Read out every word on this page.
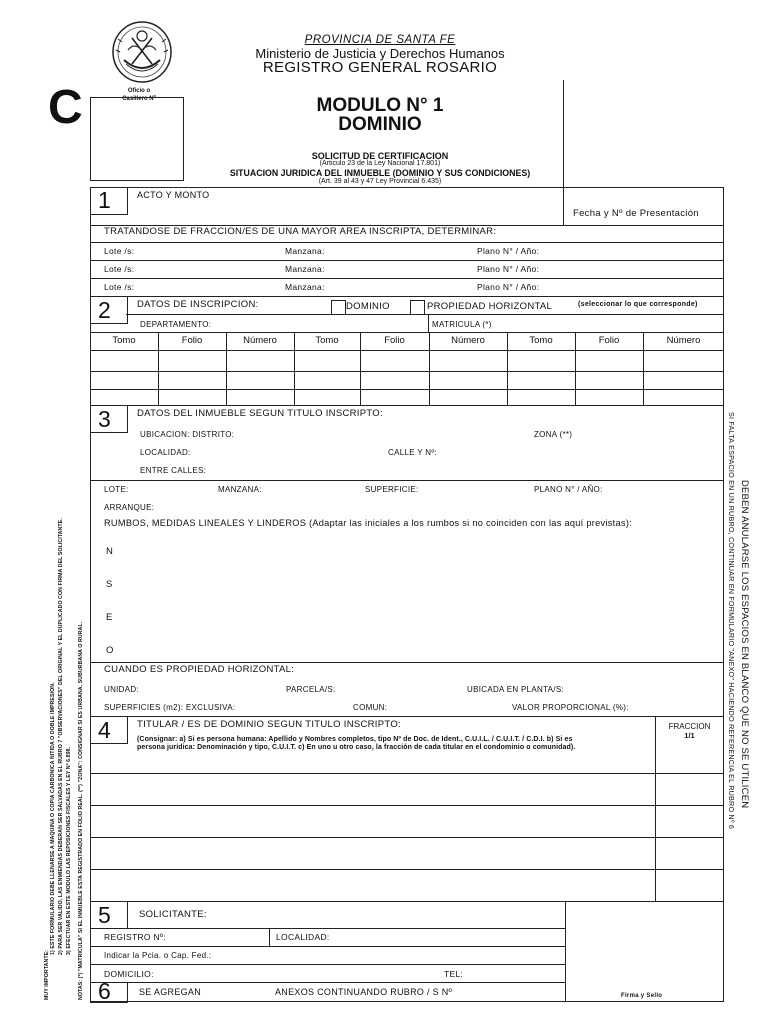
PROVINCIA DE SANTA FE
Ministerio de Justicia y Derechos Humanos
REGISTRO GENERAL ROSARIO
C	Oficio o
Casillero Nº	MODULO N° 1
DOMINIO
SOLICITUD DE CERTIFICACION
(Articulo 23 de la Ley Nacional 17.801)
SITUACION JURIDICA DEL INMUEBLE (DOMINIO Y SUS CONDICIONES)
(Art. 39 al 43 y 47 Ley Provincial 6.435)
1	ACTO Y MONTO
Fecha y Nº de Presentación
TRATANDOSE DE FRACCION/ES DE UNA MAYOR AREA INSCRIPTA, DETERMINAR:
Lote /s:	Manzana:	Plano N° / Año:
Lote /s:	Manzana:	Plano N° / Año:
Lote /s:	Manzana:	Plano N° / Año:
2	DATOS DE INSCRIPCION:	DOMINIO	PROPIEDAD HORIZONTAL	(seleccionar lo que corresponde)
DEPARTAMENTO:	MATRICULA (*)
Tomo	Folio	Número	Tomo	Folio	Número	Tomo	Folio	Número
3	DATOS DEL INMUEBLE SEGUN TITULO INSCRIPTO:
UBICACION: DISTRITO:	ZONA (**)
LOCALIDAD:	CALLE Y Nº:
ENTRE CALLES:
LOTE:	MANZANA:	SUPERFICIE:	PLANO N° / AÑO:
ARRANQUE:
RUMBOS, MEDIDAS LINEALES Y LINDEROS (Adaptar las iniciales a los rumbos si no coinciden con las aquí previstas):
N
S
E
O
CUANDO ES PROPIEDAD HORIZONTAL:
UNIDAD:	PARCELA/S:	UBICADA EN PLANTA/S:
SUPERFICIES (m2): EXCLUSIVA:	COMUN:	VALOR PROPORCIONAL (%):
4	TITULAR / ES DE DOMINIO SEGUN TITULO INSCRIPTO:
(Consignar: a) Si es persona humana: Apellido y Nombres completos, tipo Nº de Doc. de Ident., C.U.I.L. / C.U.I.T. / C.D.I. b) Si es
persona jurídica: Denominación y tipo, C.U.I.T. c) En uno u otro caso, la fracción de cada titular en el condominio o comunidad).
FRACCION
1/1
5	SOLICITANTE:
REGISTRO Nº:	LOCALIDAD:
Indicar la Pcia. o Cap. Fed.:
DOMICILIO:	TEL:
Firma y Sello
6	SE AGREGAN	ANEXOS CONTINUANDO RUBRO / S Nº
DEBEN ANULARSE LOS ESPACIOS EN BLANCO QUE NO SE UTILICEN
SI FALTA ESPACIO EN UN RUBRO, CONTINUAR EN FORMULARIO "ANEXO" HACIENDO REFERENCIA EL RUBRO Nº 6
MUY IMPORTANTE:
1) ESTE FORMULARIO DEBE LLENARSE A MAQUINA O COPIA CARBONICA NITIDA O DOBLE IMPRESION. 2) PARA SER VALIDO, LAS ENMIENDAS DEBERAN SER SALVADAS EN EL RUBRO 7 "OBSERVACIONES" DEL ORIGINAL Y EL DUPLICADO CON FIRMA DEL SOLICITANTE. 3) EFECTUAR EN ESTE MODULO LAS REPOSICIONES FISCALES Y LEY Nº 6.898. NOTAS: (*) "MATRICULA" SI EL INMUEBLE ESTA REGISTRADO EN FOLIO REAL. (**) "ZONA": CONSIGNAR SI ES URBANA, SUBURBANA O RURAL.
